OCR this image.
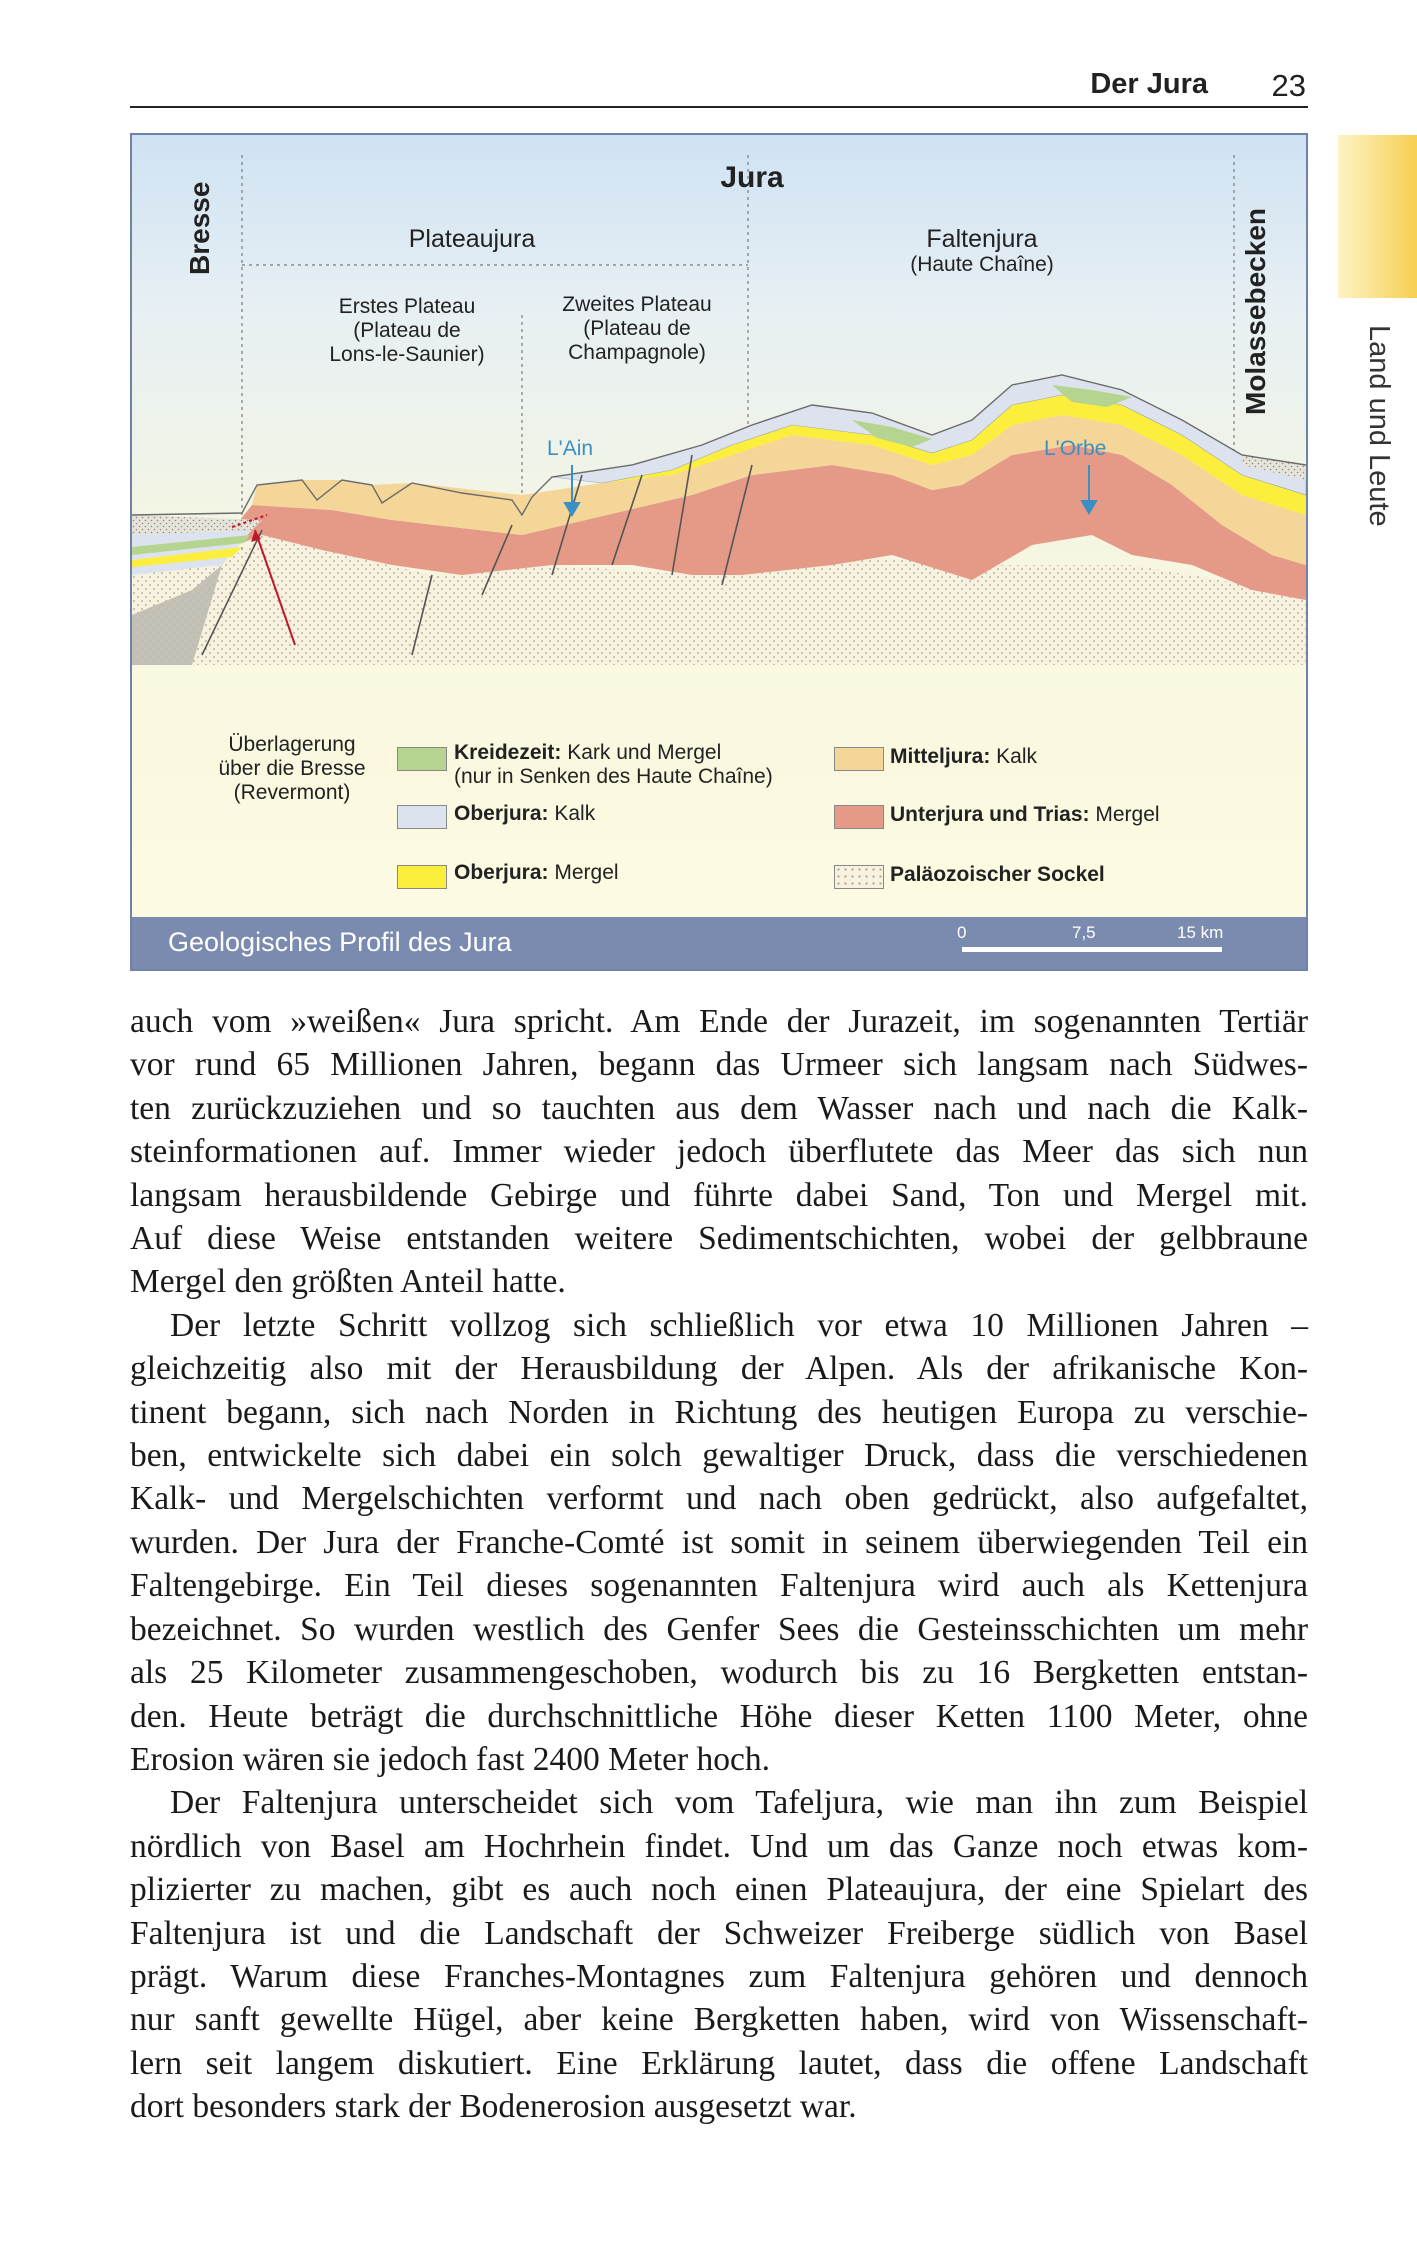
Der Jura 23
Land und Leute
Bresse	Molassebecken
Jura
Plateaujura	Faltenjura
(Haute Chaîne)
Erstes Plateau
(Plateau de
Lons-le-Saunier)
Zweites Plateau
(Plateau de
Champagnole)
L'Ain	L'Orbe
Überlagerung
über die Bresse
(Revermont)
Kreidezeit: Kark und Mergel
(nur in Senken des Haute Chaîne)
Oberjura: Kalk
Oberjura: Mergel
Mitteljura: Kalk
Unterjura und Trias: Mergel
Paläozoischer Sockel
Geologisches Profil des Jura	0	7,5	15 km
auch vom »weißen« Jura spricht. Am Ende der Jurazeit, im sogenannten Tertiär
vor rund 65 Millionen Jahren, begann das Urmeer sich langsam nach Südwes-
ten zurückzuziehen und so tauchten aus dem Wasser nach und nach die Kalk-
steinformationen auf. Immer wieder jedoch überflutete das Meer das sich nun
langsam herausbildende Gebirge und führte dabei Sand, Ton und Mergel mit.
Auf diese Weise entstanden weitere Sedimentschichten, wobei der gelbbraune
Mergel den größten Anteil hatte.
Der letzte Schritt vollzog sich schließlich vor etwa 10 Millionen Jahren –
gleichzeitig also mit der Herausbildung der Alpen. Als der afrikanische Kon-
tinent begann, sich nach Norden in Richtung des heutigen Europa zu verschie-
ben, entwickelte sich dabei ein solch gewaltiger Druck, dass die verschiedenen
Kalk- und Mergelschichten verformt und nach oben gedrückt, also aufgefaltet,
wurden. Der Jura der Franche-Comté ist somit in seinem überwiegenden Teil ein
Faltengebirge. Ein Teil dieses sogenannten Faltenjura wird auch als Kettenjura
bezeichnet. So wurden westlich des Genfer Sees die Gesteinsschichten um mehr
als 25 Kilometer zusammengeschoben, wodurch bis zu 16 Bergketten entstan-
den. Heute beträgt die durchschnittliche Höhe dieser Ketten 1100 Meter, ohne
Erosion wären sie jedoch fast 2400 Meter hoch.
Der Faltenjura unterscheidet sich vom Tafeljura, wie man ihn zum Beispiel
nördlich von Basel am Hochrhein findet. Und um das Ganze noch etwas kom-
plizierter zu machen, gibt es auch noch einen Plateaujura, der eine Spielart des
Faltenjura ist und die Landschaft der Schweizer Freiberge südlich von Basel
prägt. Warum diese Franches-Montagnes zum Faltenjura gehören und dennoch
nur sanft gewellte Hügel, aber keine Bergketten haben, wird von Wissenschaft-
lern seit langem diskutiert. Eine Erklärung lautet, dass die offene Landschaft
dort besonders stark der Bodenerosion ausgesetzt war.
